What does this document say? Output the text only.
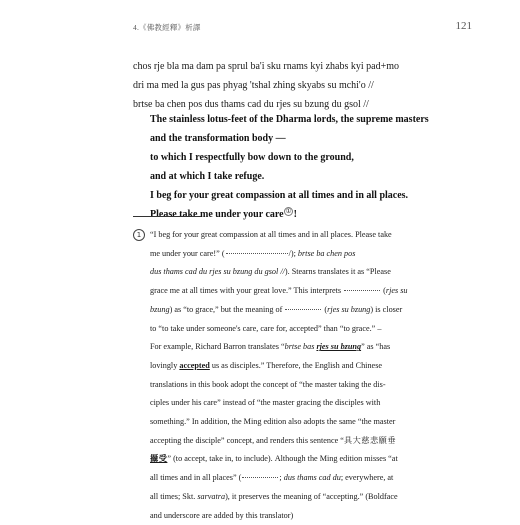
4.《佛教經釋》析譯	121
chos rje bla ma dam pa sprul ba'i sku rnams kyi zhabs kyi pad+mo
dri ma med la gus pas phyag 'tshal zhing skyabs su mchi'o //
brtse ba chen pos dus thams cad du rjes su bzung du gsol //
The stainless lotus-feet of the Dharma lords, the supreme masters
and the transformation body —
to which I respectfully bow down to the ground,
and at which I take refuge.
I beg for your great compassion at all times and in all places.
Please take me under your care ① !
1	“I beg for your great compassion at all times and in all places. Please take
me under your care!” (	/); brtse ba chen pos
dus thams cad du rjes su bzung du gsol //). Stearns translates it as “Please
grace me at all times with your great love.” This interprets	(rjes su
bzung) as “to grace,” but the meaning of	(rjes su bzung) is closer
to “to take under someone's care, care for, accepted” than “to grace.” –
For example, Richard Barron translates “brtse bas rjes su bzung” as “has
lovingly accepted us as disciples.” Therefore, the English and Chinese
translations in this book adopt the concept of “the master taking the dis-
ciples under his care” instead of “the master gracing the disciples with
something.” In addition, the Ming edition also adopts the same “the master
accepting the disciple” concept, and renders this sentence “具大慈悲願垂
攝受” (to accept, take in, to include). Although the Ming edition misses “at
all times and in all places” (	; dus thams cad du; everywhere, at
all times; Skt. sarvatra), it preserves the meaning of “accepting.” (Boldface
and underscore are added by this translator)
